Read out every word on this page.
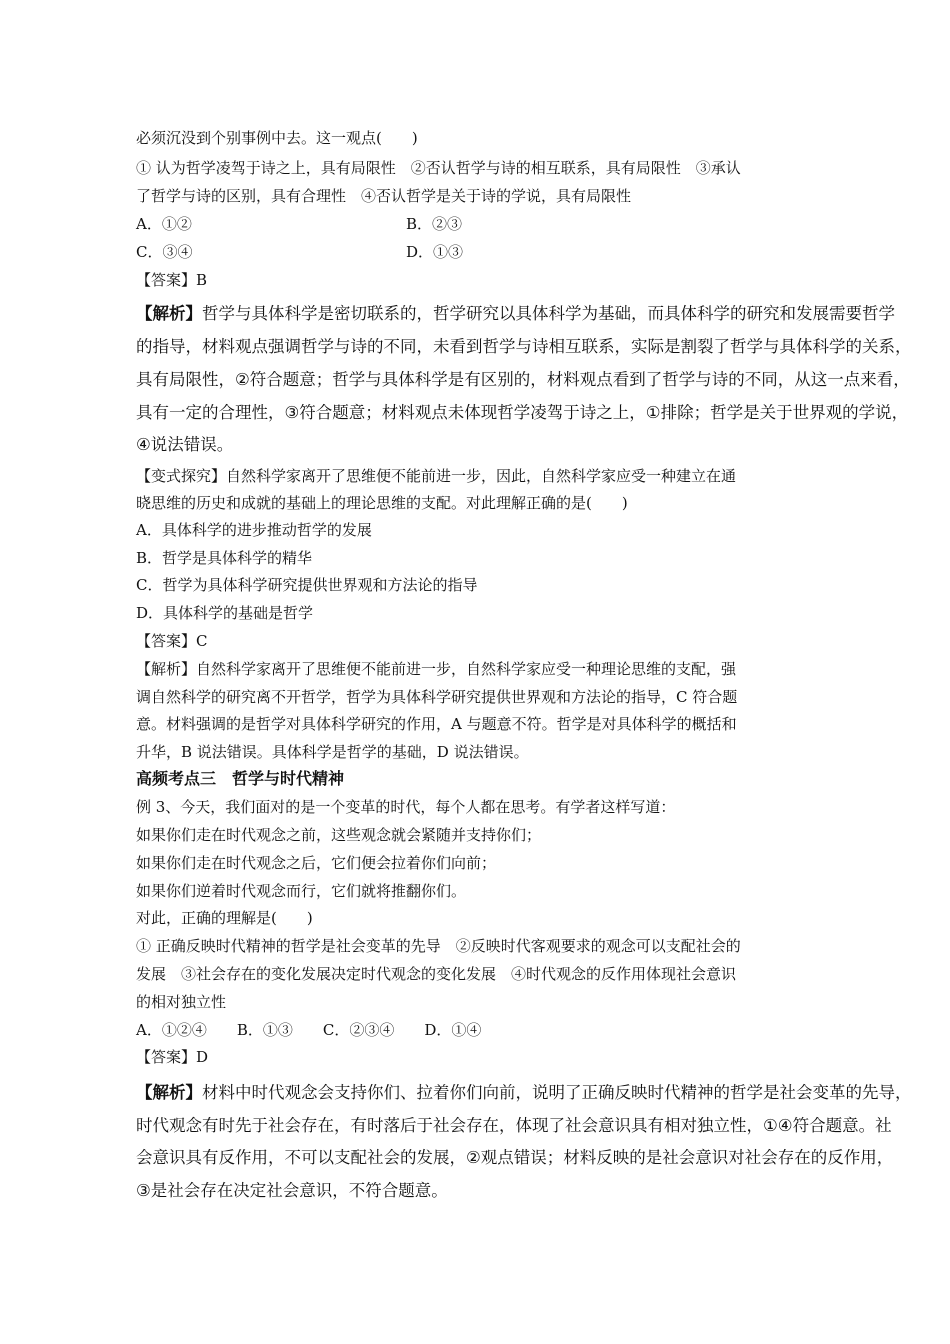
必须沉没到个别事例中去。这一观点(　　)
① 认为哲学凌驾于诗之上，具有局限性　②否认哲学与诗的相互联系，具有局限性　③承认
了哲学与诗的区别，具有合理性　④否认哲学是关于诗的学说，具有局限性
A．①②	B．②③
C．③④	D．①③
【答案】B
【解析】哲学与具体科学是密切联系的，哲学研究以具体科学为基础，而具体科学的研究和发展需要哲学
的指导，材料观点强调哲学与诗的不同，未看到哲学与诗相互联系，实际是割裂了哲学与具体科学的关系，
具有局限性，②符合题意；哲学与具体科学是有区别的，材料观点看到了哲学与诗的不同，从这一点来看，
具有一定的合理性，③符合题意；材料观点未体现哲学凌驾于诗之上，①排除；哲学是关于世界观的学说，
④说法错误。
【变式探究】自然科学家离开了思维便不能前进一步，因此，自然科学家应受一种建立在通
晓思维的历史和成就的基础上的理论思维的支配。对此理解正确的是(　　)
A．具体科学的进步推动哲学的发展
B．哲学是具体科学的精华
C．哲学为具体科学研究提供世界观和方法论的指导
D．具体科学的基础是哲学
【答案】C
【解析】自然科学家离开了思维便不能前进一步，自然科学家应受一种理论思维的支配，强
调自然科学的研究离不开哲学，哲学为具体科学研究提供世界观和方法论的指导，C 符合题
意。材料强调的是哲学对具体科学研究的作用，A 与题意不符。哲学是对具体科学的概括和
升华，B 说法错误。具体科学是哲学的基础，D 说法错误。
高频考点三　哲学与时代精神
例 3、今天，我们面对的是一个变革的时代，每个人都在思考。有学者这样写道：
如果你们走在时代观念之前，这些观念就会紧随并支持你们；
如果你们走在时代观念之后，它们便会拉着你们向前；
如果你们逆着时代观念而行，它们就将推翻你们。
对此，正确的理解是(　　)
① 正确反映时代精神的哲学是社会变革的先导　②反映时代客观要求的观念可以支配社会的
发展　③社会存在的变化发展决定时代观念的变化发展　④时代观念的反作用体现社会意识
的相对独立性
A．①②④　　B．①③　　C．②③④　　D．①④
【答案】D
【解析】材料中时代观念会支持你们、拉着你们向前，说明了正确反映时代精神的哲学是社会变革的先导，
时代观念有时先于社会存在，有时落后于社会存在，体现了社会意识具有相对独立性，①④符合题意。社
会意识具有反作用，不可以支配社会的发展，②观点错误；材料反映的是社会意识对社会存在的反作用，
③是社会存在决定社会意识，不符合题意。
